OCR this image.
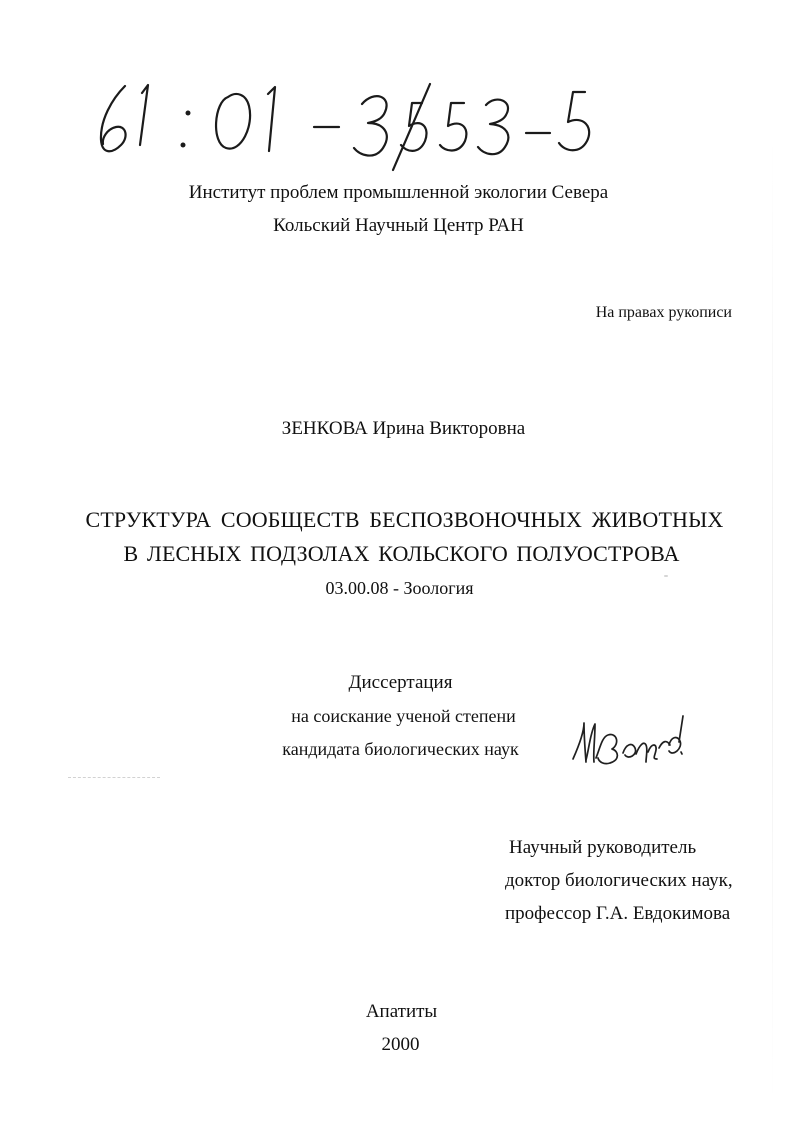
Институт проблем промышленной экологии Севера
Кольский Научный Центр РАН
На правах рукописи
ЗЕНКОВА Ирина Викторовна
СТРУКТУРА СООБЩЕСТВ БЕСПОЗВОНОЧНЫХ ЖИВОТНЫХ
В ЛЕСНЫХ ПОДЗОЛАХ КОЛЬСКОГО ПОЛУОСТРОВА
03.00.08 - Зоология
Диссертация
на соискание ученой степени
кандидата биологических наук
Научный руководитель
доктор биологических наук,
профессор Г.А. Евдокимова
Апатиты
2000
